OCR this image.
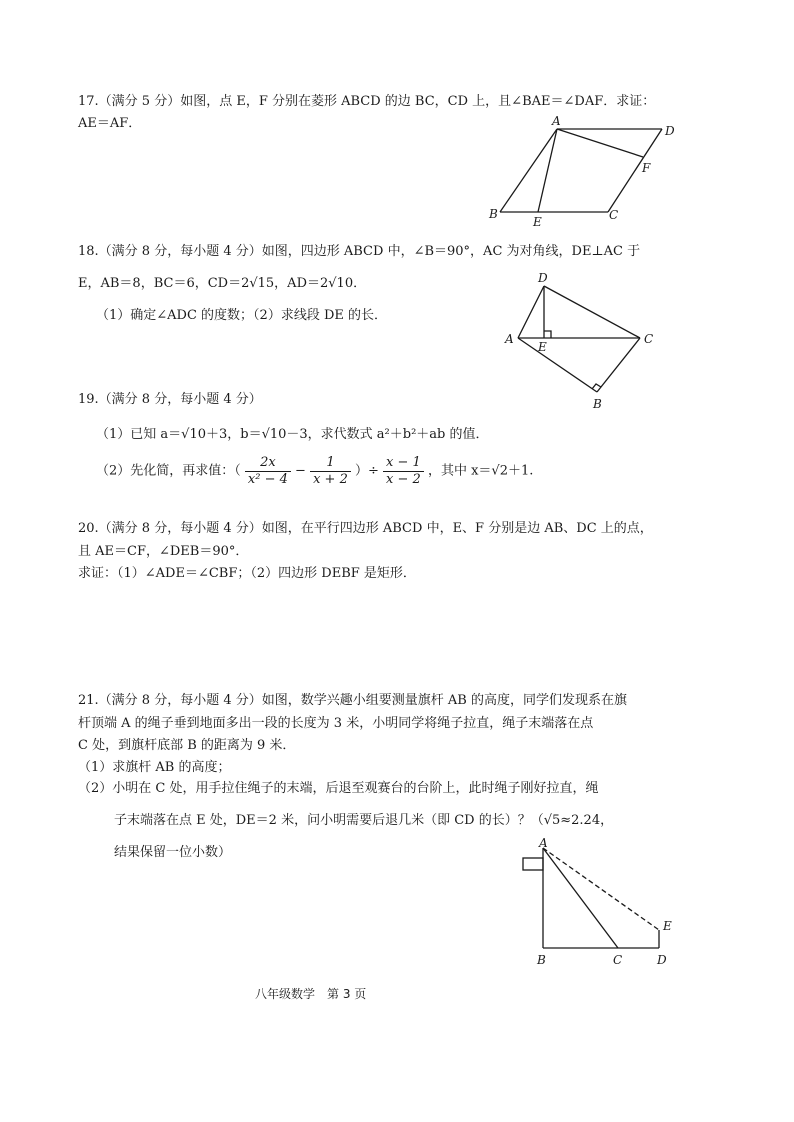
17.（满分 5 分）如图，点 E，F 分别在菱形 ABCD 的边 BC，CD 上，且∠BAE＝∠DAF．求证：
AE＝AF．	A
D
F
B
E	C
18.（满分 8 分，每小题 4 分）如图，四边形 ABCD 中，∠B＝90°，AC 为对角线，DE⊥AC 于
E，AB＝8，BC＝6，CD＝2√15，AD＝2√10．
（1）确定∠ADC 的度数；（2）求线段 DE 的长．
D
A
E
C
B
19.（满分 8 分，每小题 4 分）
（1）已知 a＝√10＋3，b＝√10－3，求代数式 a²＋b²＋ab 的值．
（2）先化简，再求值：（ $\frac{2x}{\text{x² − 4}} - \frac{1}{x + 2}$ ）÷ $\frac{x - 1}{x - 2}$ ，其中 x＝√2＋1.
20.（满分 8 分，每小题 4 分）如图，在平行四边形 ABCD 中，E、F 分别是边 AB、DC 上的点，
且 AE＝CF，∠DEB＝90°．
求证：（1）∠ADE＝∠CBF；（2）四边形 DEBF 是矩形．
21.（满分 8 分，每小题 4 分）如图，数学兴趣小组要测量旗杆 AB 的高度，同学们发现系在旗
杆顶端 A 的绳子垂到地面多出一段的长度为 3 米，小明同学将绳子拉直，绳子末端落在点
C 处，到旗杆底部 B 的距离为 9 米．
（1）求旗杆 AB 的高度；
（2）小明在 C 处，用手拉住绳子的末端，后退至观赛台的台阶上，此时绳子刚好拉直，绳
子末端落在点 E 处，DE＝2 米，问小明需要后退几米（即 CD 的长）？（√5≈2.24，
结果保留一位小数）
A
E
B	C	D
八年级数学　第 3 页
